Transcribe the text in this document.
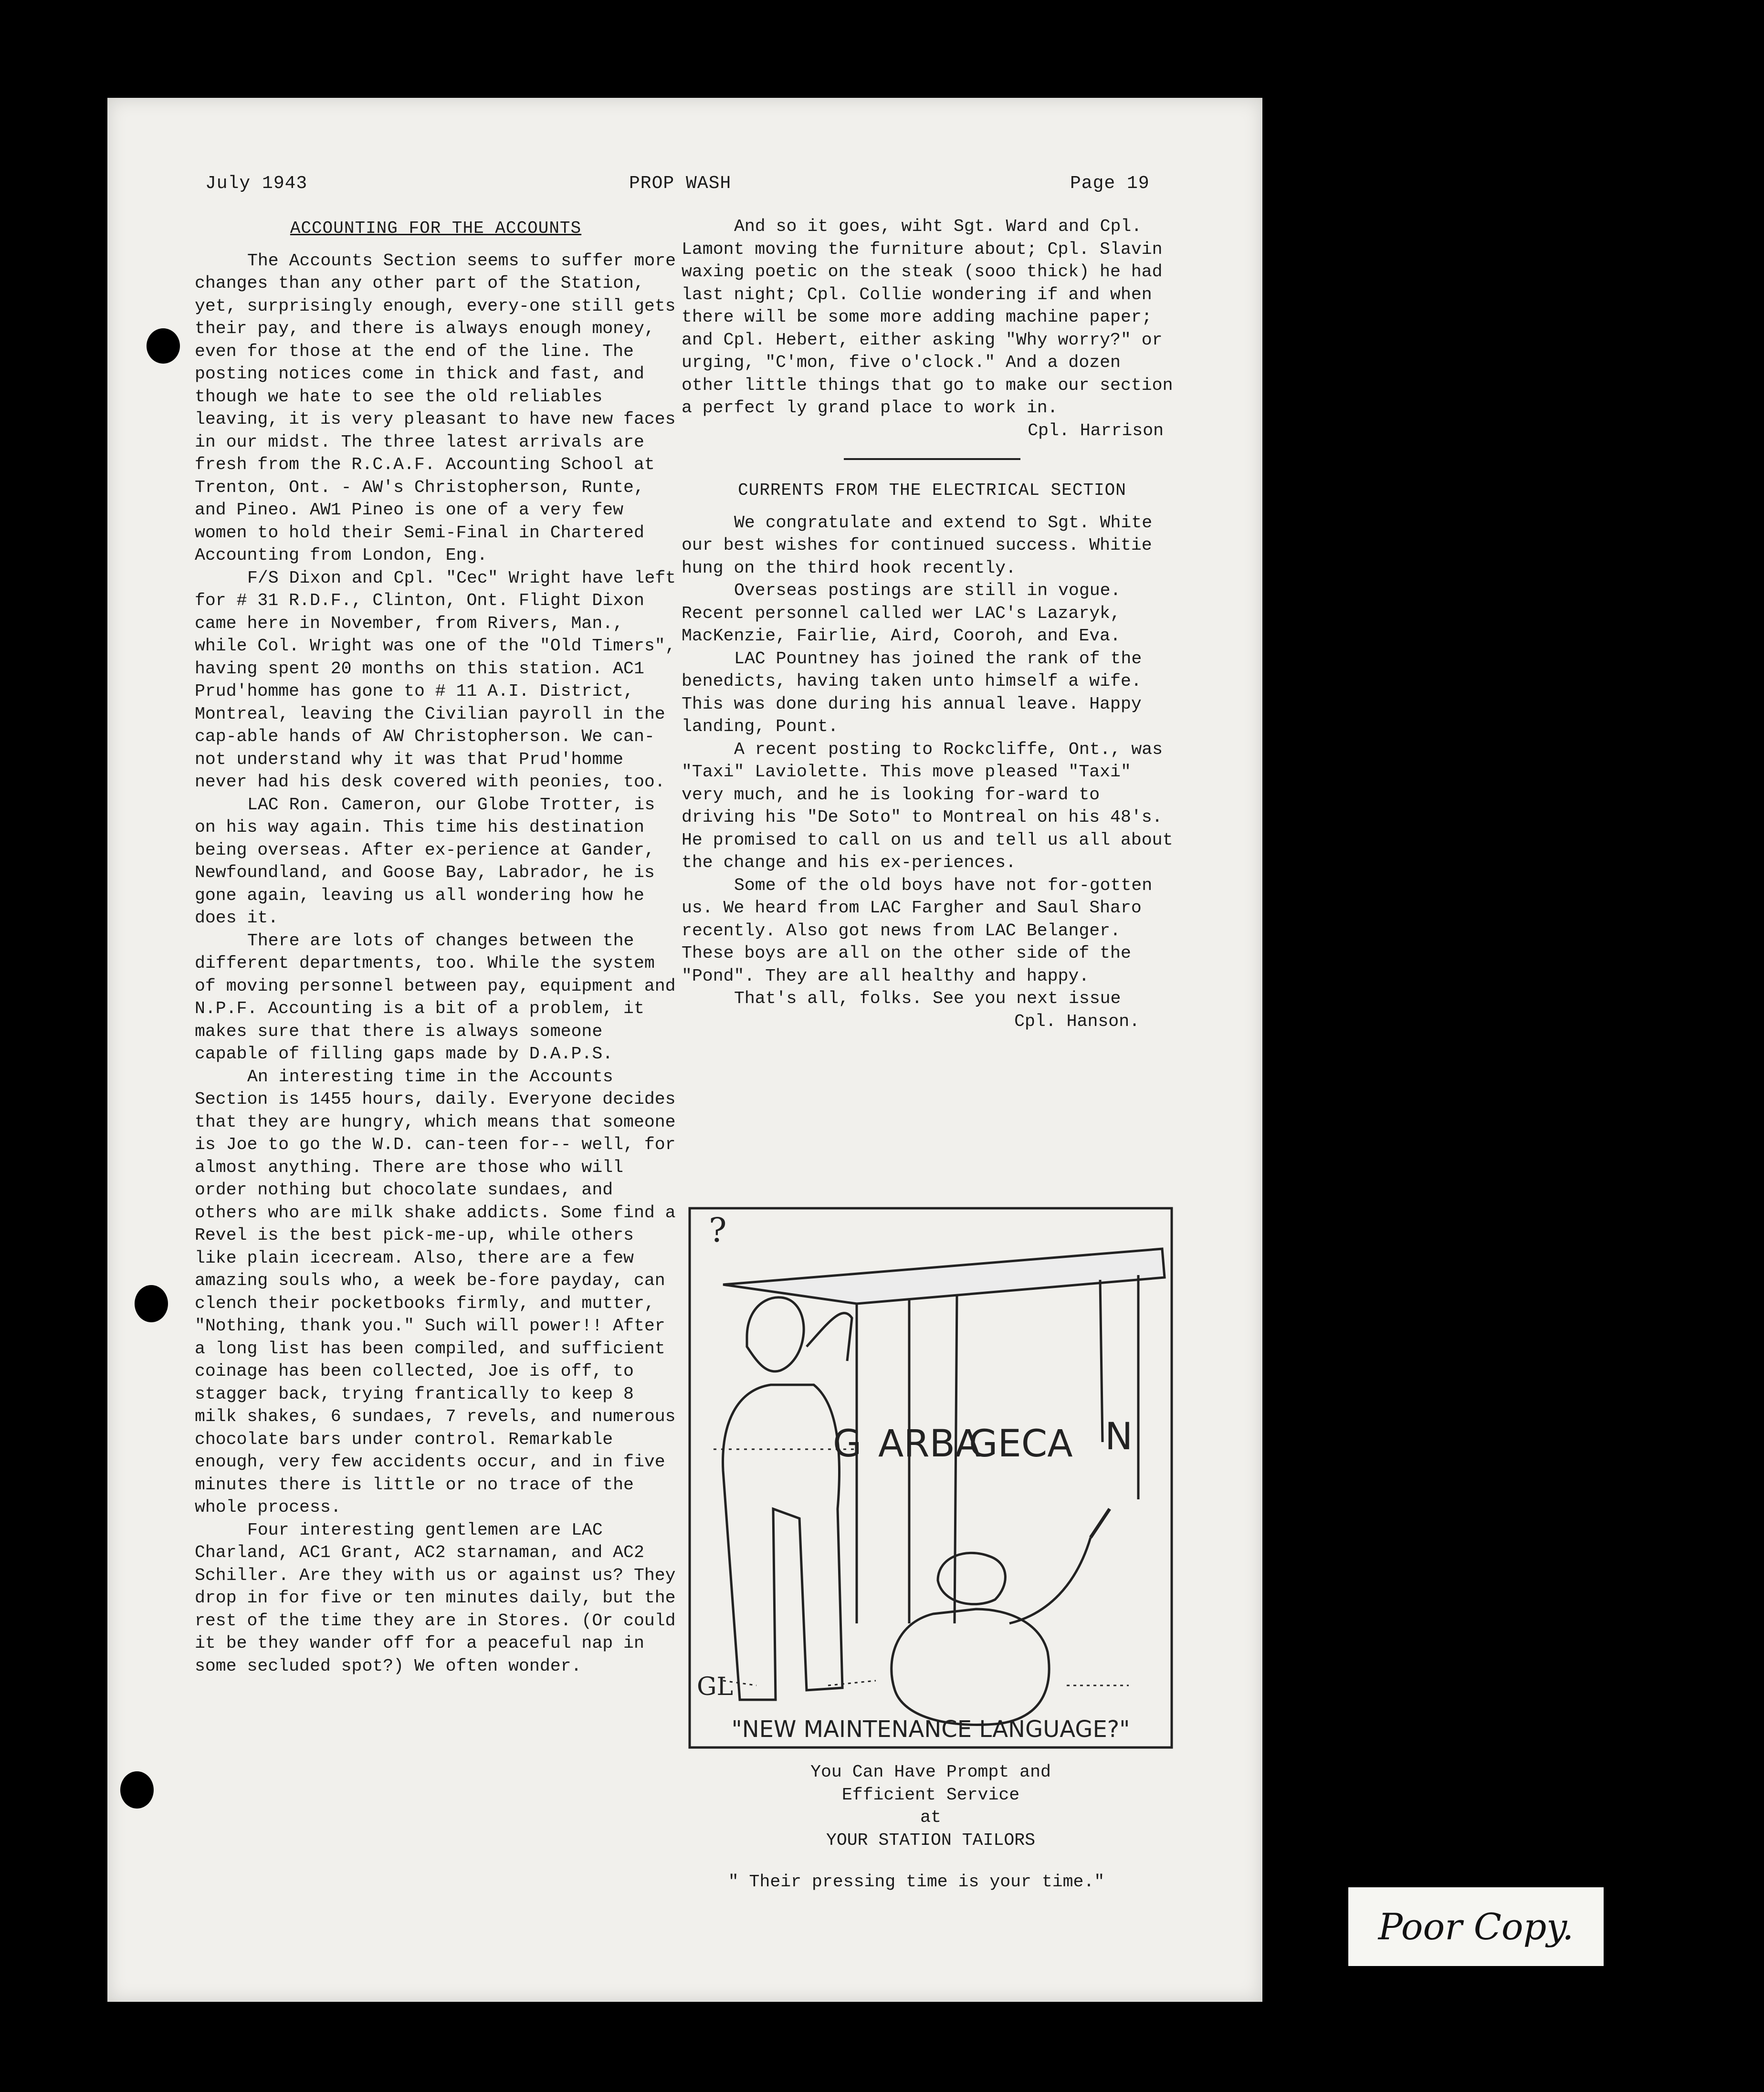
July 1943	PROP WASH	Page 19
ACCOUNTING FOR THE ACCOUNTS

The Accounts Section seems to suffer more changes than any other part of the Station, yet, surprisingly enough, every-one still gets their pay, and there is always enough money, even for those at the end of the line. The posting notices come in thick and fast, and though we hate to see the old reliables leaving, it is very pleasant to have new faces in our midst. The three latest arrivals are fresh from the R.C.A.F. Accounting School at Trenton, Ont. - AW's Christopherson, Runte, and Pineo. AW1 Pineo is one of a very few women to hold their Semi-Final in Chartered Accounting from London, Eng.

F/S Dixon and Cpl. "Cec" Wright have left for # 31 R.D.F., Clinton, Ont. Flight Dixon came here in November, from Rivers, Man., while Col. Wright was one of the "Old Timers", having spent 20 months on this station. AC1 Prud'homme has gone to # 11 A.I. District, Montreal, leaving the Civilian payroll in the cap-able hands of AW Christopherson. We can-not understand why it was that Prud'homme never had his desk covered with peonies, too.

LAC Ron. Cameron, our Globe Trotter, is on his way again. This time his destination being overseas. After ex-perience at Gander, Newfoundland, and Goose Bay, Labrador, he is gone again, leaving us all wondering how he does it.

There are lots of changes between the different departments, too. While the system of moving personnel between pay, equipment and N.P.F. Accounting is a bit of a problem, it makes sure that there is always someone capable of filling gaps made by D.A.P.S.

An interesting time in the Accounts Section is 1455 hours, daily. Everyone decides that they are hungry, which means that someone is Joe to go the W.D. can-teen for-- well, for almost anything. There are those who will order nothing but chocolate sundaes, and others who are milk shake addicts. Some find a Revel is the best pick-me-up, while others like plain icecream. Also, there are a few amazing souls who, a week be-fore payday, can clench their pocketbooks firmly, and mutter, "Nothing, thank you." Such will power!! After a long list has been compiled, and sufficient coinage has been collected, Joe is off, to stagger back, trying frantically to keep 8 milk shakes, 6 sundaes, 7 revels, and numerous chocolate bars under control. Remarkable enough, very few accidents occur, and in five minutes there is little or no trace of the whole process.

Four interesting gentlemen are LAC Charland, AC1 Grant, AC2 starnaman, and AC2 Schiller. Are they with us or against us? They drop in for five or ten minutes daily, but the rest of the time they are in Stores. (Or could it be they wander off for a peaceful nap in some secluded spot?) We often wonder.

And so it goes, wiht Sgt. Ward and Cpl. Lamont moving the furniture about; Cpl. Slavin waxing poetic on the steak (sooo thick) he had last night; Cpl. Collie wondering if and when there will be some more adding machine paper; and Cpl. Hebert, either asking "Why worry?" or urging, "C'mon, five o'clock." And a dozen other little things that go to make our section a perfect ly grand place to work in.

Cpl. Harrison
CURRENTS FROM THE ELECTRICAL SECTION

We congratulate and extend to Sgt. White our best wishes for continued success. Whitie hung on the third hook recently.

Overseas postings are still in vogue. Recent personnel called wer LAC's Lazaryk, MacKenzie, Fairlie, Aird, Cooroh, and Eva.

LAC Pountney has joined the rank of the benedicts, having taken unto himself a wife. This was done during his annual leave. Happy landing, Pount.

A recent posting to Rockcliffe, Ont., was "Taxi" Laviolette. This move pleased "Taxi" very much, and he is looking for-ward to driving his "De Soto" to Montreal on his 48's. He promised to call on us and tell us all about the change and his ex-periences.

Some of the old boys have not for-gotten us. We heard from LAC Fargher and Saul Sharo recently. Also got news from LAC Belanger. These boys are all on the other side of the "Pond". They are all healthy and happy.

That's all, folks. See you next issue

Cpl. Hanson.
?
G ARBA
GECA N
GL
"NEW MAINTENANCE LANGUAGE?"
You Can Have Prompt and
Efficient Service
at
YOUR STATION TAILORS
" Their pressing time is your time."
Poor Copy.
